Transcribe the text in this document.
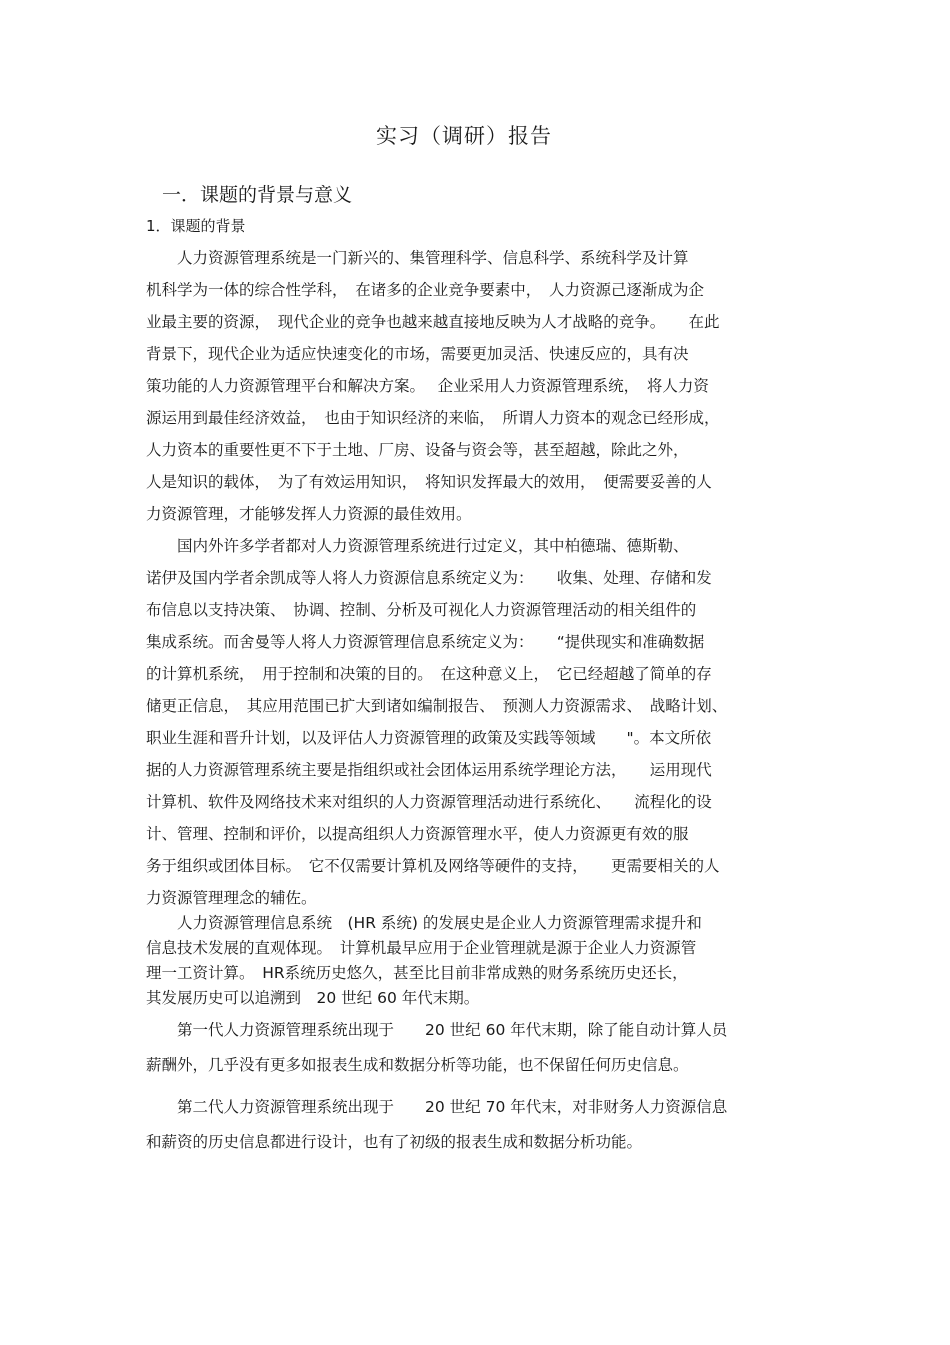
实习（调研）报告
一．课题的背景与意义
1．课题的背景
　　人力资源管理系统是一门新兴的、集管理科学、信息科学、系统科学及计算
机科学为一体的综合性学科，　在诸多的企业竞争要素中，　人力资源己逐渐成为企
业最主要的资源，　现代企业的竞争也越来越直接地反映为人才战略的竞争。　　在此
背景下，现代企业为适应快速变化的市场，需要更加灵活、快速反应的，具有决
策功能的人力资源管理平台和解决方案。　 企业采用人力资源管理系统，　将人力资
源运用到最佳经济效益，　也由于知识经济的来临，　所谓人力资本的观念已经形成，
人力资本的重要性更不下于土地、厂房、设备与资会等，甚至超越，除此之外，
人是知识的载体，　为了有效运用知识，　将知识发挥最大的效用，　便需要妥善的人
力资源管理，才能够发挥人力资源的最佳效用。
　　国内外许多学者都对人力资源管理系统进行过定义，其中柏德瑞、德斯勒、
诺伊及国内学者余凯成等人将人力资源信息系统定义为：　　收集、处理、存储和发
布信息以支持决策、　协调、控制、分析及可视化人力资源管理活动的相关组件的
集成系统。而舍曼等人将人力资源管理信息系统定义为：　　“提供现实和准确数据
的计算机系统，　用于控制和决策的目的。　在这种意义上，　它已经超越了简单的存
储更正信息，　其应用范围已扩大到诸如编制报告、　预测人力资源需求、　战略计划、
职业生涯和晋升计划，以及评估人力资源管理的政策及实践等领域　　"。本文所依
据的人力资源管理系统主要是指组织或社会团体运用系统学理论方法，　　运用现代
计算机、软件及网络技术来对组织的人力资源管理活动进行系统化、　　流程化的设
计、管理、控制和评价，以提高组织人力资源管理水平，使人力资源更有效的服
务于组织或团体目标。　它不仅需要计算机及网络等硬件的支持，　　更需要相关的人
力资源管理理念的辅佐。
　　人力资源管理信息系统　(HR 系统) 的发展史是企业人力资源管理需求提升和
信息技术发展的直观体现。　计算机最早应用于企业管理就是源于企业人力资源管
理一工资计算。　HR系统历史悠久，甚至比目前非常成熟的财务系统历史还长，
其发展历史可以追溯到　20 世纪 60 年代末期。
　　第一代人力资源管理系统出现于　　20 世纪 60 年代末期，除了能自动计算人员
薪酬外，几乎没有更多如报表生成和数据分析等功能，也不保留任何历史信息。
　　第二代人力资源管理系统出现于　　20 世纪 70 年代末，对非财务人力资源信息
和薪资的历史信息都进行设计，也有了初级的报表生成和数据分析功能。
